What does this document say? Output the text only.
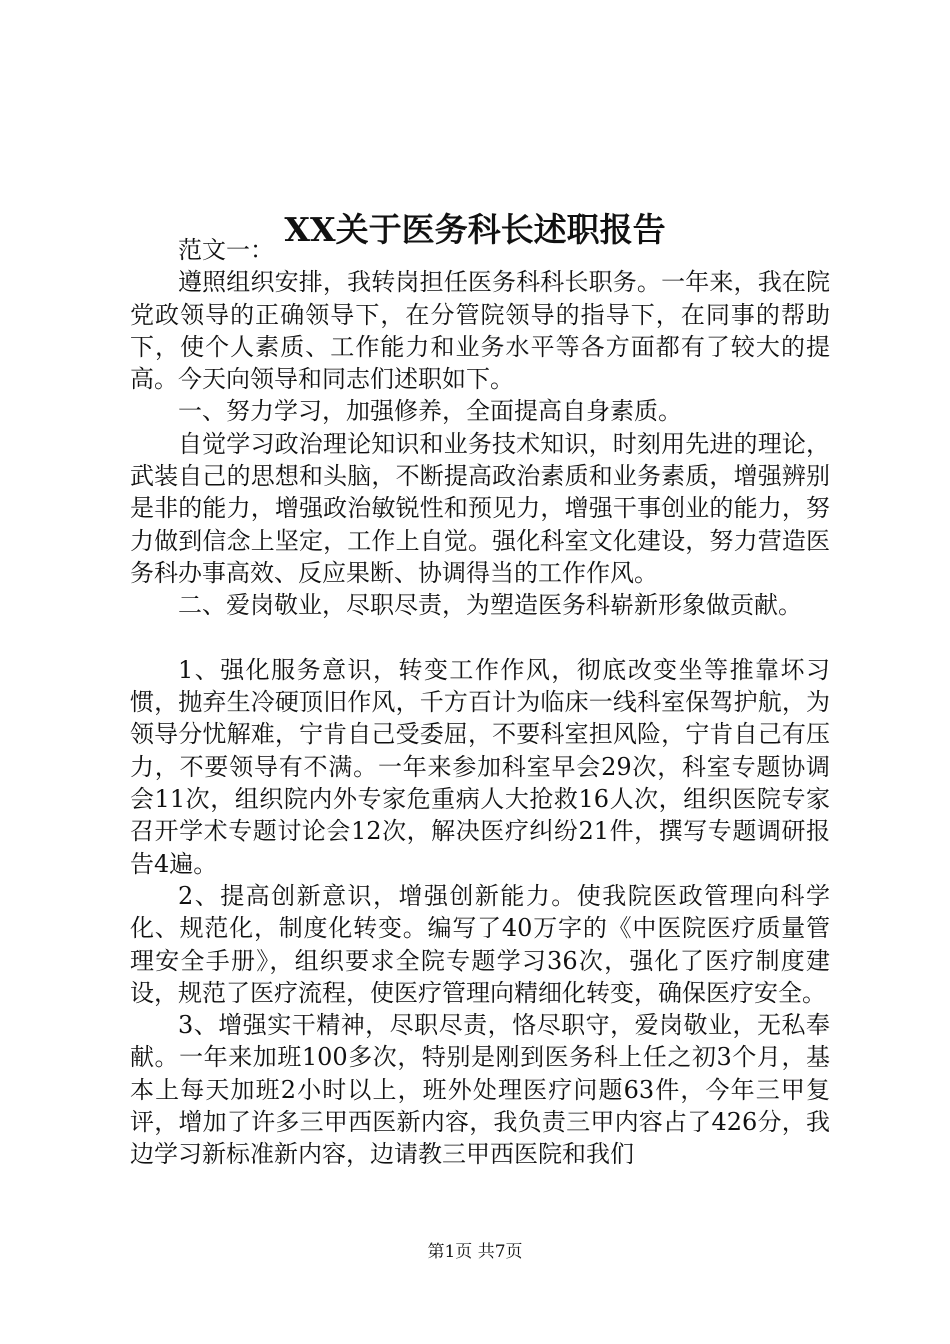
XX关于医务科长述职报告

范文一：

遵照组织安排，我转岗担任医务科科长职务。一年来，我在院党政领导的正确领导下，在分管院领导的指导下，在同事的帮助下，使个人素质、工作能力和业务水平等各方面都有了较大的提高。今天向领导和同志们述职如下。

一、努力学习，加强修养，全面提高自身素质。

自觉学习政治理论知识和业务技术知识，时刻用先进的理论，武装自己的思想和头脑，不断提高政治素质和业务素质，增强辨别是非的能力，增强政治敏锐性和预见力，增强干事创业的能力，努力做到信念上坚定，工作上自觉。强化科室文化建设，努力营造医务科办事高效、反应果断、协调得当的工作作风。

二、爱岗敬业，尽职尽责，为塑造医务科崭新形象做贡献。

1、强化服务意识，转变工作作风，彻底改变坐等推靠坏习惯，抛弃生冷硬顶旧作风，千方百计为临床一线科室保驾护航，为领导分忧解难，宁肯自己受委屈，不要科室担风险，宁肯自己有压力，不要领导有不满。一年来参加科室早会29次，科室专题协调会11次，组织院内外专家危重病人大抢救16人次，组织医院专家召开学术专题讨论会12次，解决医疗纠纷21件，撰写专题调研报告4遍。

2、提高创新意识，增强创新能力。使我院医政管理向科学化、规范化，制度化转变。编写了40万字的《中医院医疗质量管理安全手册》，组织要求全院专题学习36次，强化了医疗制度建设，规范了医疗流程，使医疗管理向精细化转变，确保医疗安全。

3、增强实干精神，尽职尽责，恪尽职守，爱岗敬业，无私奉献。一年来加班100多次，特别是刚到医务科上任之初3个月，基本上每天加班2小时以上，班外处理医疗问题63件，今年三甲复评，增加了许多三甲西医新内容，我负责三甲内容占了426分，我边学习新标准新内容，边请教三甲西医院和我们

第1页 共7页
